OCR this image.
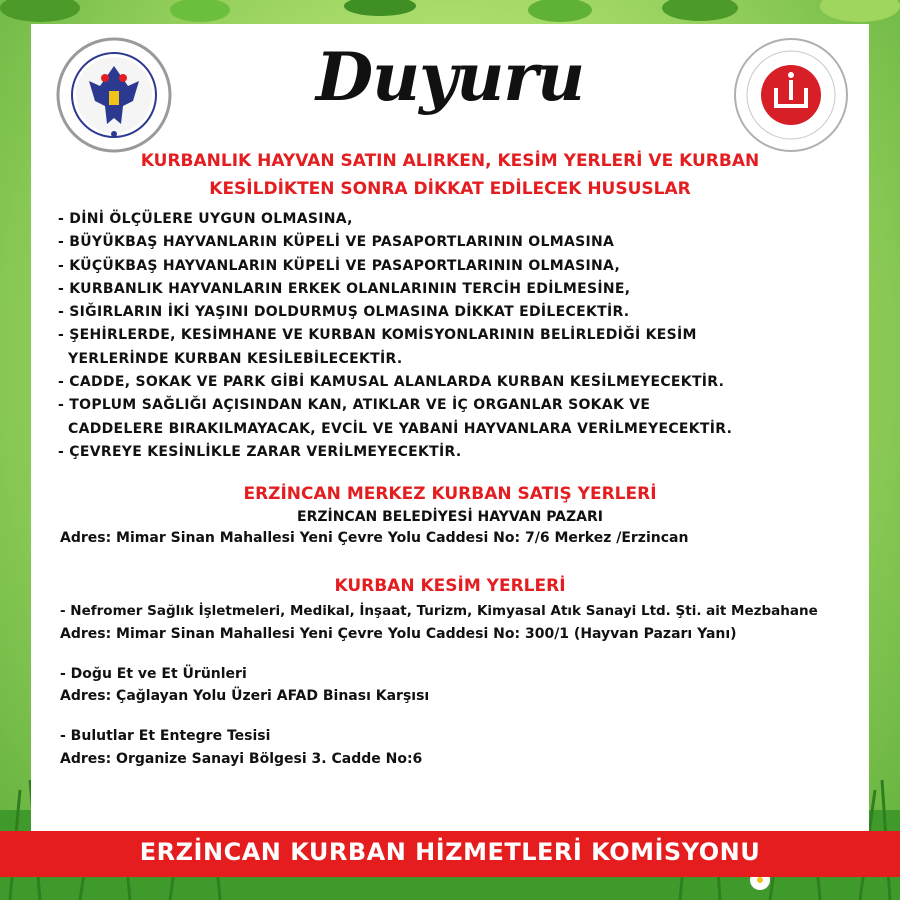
Duyuru
KURBANLIK HAYVAN SATIN ALIRKEN, KESİM YERLERİ VE KURBAN
KESİLDİKTEN SONRA DİKKAT EDİLECEK HUSUSLAR
- DİNİ ÖLÇÜLERE UYGUN OLMASINA,
- BÜYÜKBAŞ HAYVANLARIN KÜPELİ VE PASAPORTLARININ OLMASINA
- KÜÇÜKBAŞ HAYVANLARIN KÜPELİ VE PASAPORTLARININ OLMASINA,
- KURBANLIK HAYVANLARIN ERKEK OLANLARININ TERCİH EDİLMESİNE,
- SIĞIRLARIN İKİ YAŞINI DOLDURMUŞ OLMASINA DİKKAT EDİLECEKTİR.
- ŞEHİRLERDE, KESİMHANE VE KURBAN KOMİSYONLARININ BELİRLEDİĞİ KESİM
YERLERİNDE KURBAN KESİLEBİLECEKTİR.
- CADDE, SOKAK VE PARK GİBİ KAMUSAL ALANLARDA KURBAN KESİLMEYECEKTİR.
- TOPLUM SAĞLIĞI AÇISINDAN KAN, ATIKLAR VE İÇ ORGANLAR SOKAK VE
CADDELERE BIRAKILMAYACAK, EVCİL VE YABANİ HAYVANLARA VERİLMEYECEKTİR.
- ÇEVREYE KESİNLİKLE ZARAR VERİLMEYECEKTİR.
ERZİNCAN MERKEZ KURBAN SATIŞ YERLERİ
ERZİNCAN BELEDİYESİ HAYVAN PAZARI
Adres: Mimar Sinan Mahallesi Yeni Çevre Yolu Caddesi No: 7/6 Merkez /Erzincan
KURBAN KESİM YERLERİ
- Nefromer Sağlık İşletmeleri, Medikal, İnşaat, Turizm, Kimyasal Atık Sanayi Ltd. Şti. ait Mezbahane
Adres: Mimar Sinan Mahallesi Yeni Çevre Yolu Caddesi No: 300/1 (Hayvan Pazarı Yanı)
- Doğu Et ve Et Ürünleri
Adres: Çağlayan Yolu Üzeri AFAD Binası Karşısı
- Bulutlar Et Entegre Tesisi
Adres: Organize Sanayi Bölgesi 3. Cadde No:6
ERZİNCAN KURBAN HİZMETLERİ KOMİSYONU
